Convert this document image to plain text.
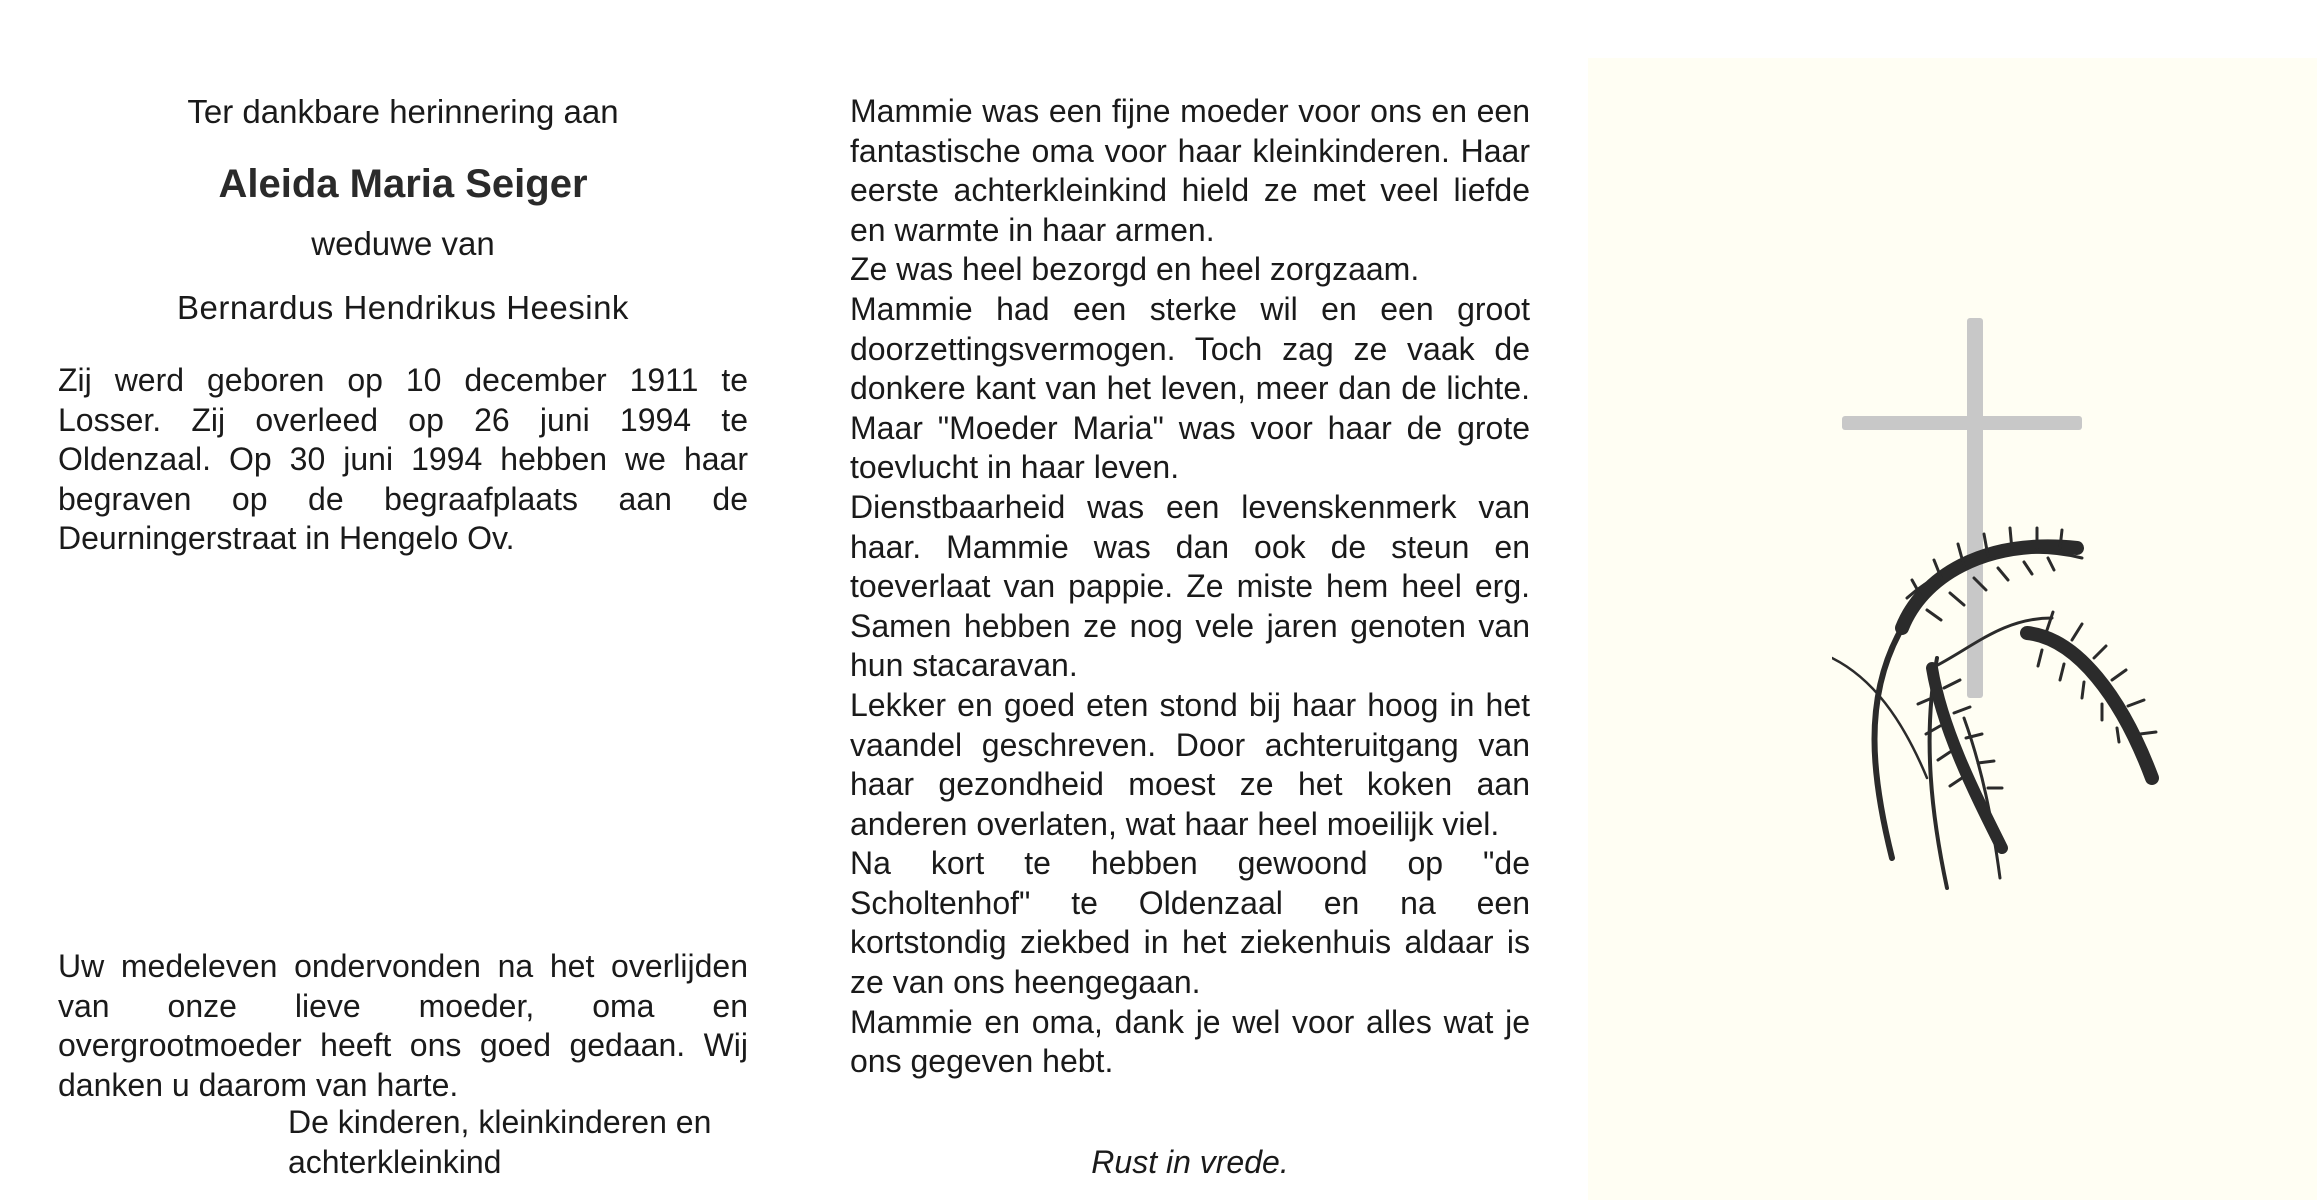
Ter dankbare herinnering aan

Aleida Maria Seiger

weduwe van

Bernardus Hendrikus Heesink

Zij werd geboren op 10 december 1911 te Losser. Zij overleed op 26 juni 1994 te Oldenzaal. Op 30 juni 1994 hebben we haar begraven op de begraafplaats aan de Deurningerstraat in Hengelo Ov.

Uw medeleven ondervonden na het overlijden van onze lieve moeder, oma en overgrootmoeder heeft ons goed gedaan. Wij danken u daarom van harte.

De kinderen, kleinkinderen en
achterkleinkind

Mammie was een fijne moeder voor ons en een fantastische oma voor haar kleinkinderen. Haar eerste achterkleinkind hield ze met veel liefde en warmte in haar armen.

Ze was heel bezorgd en heel zorgzaam.

Mammie had een sterke wil en een groot doorzettingsvermogen. Toch zag ze vaak de donkere kant van het leven, meer dan de lichte. Maar "Moeder Maria" was voor haar de grote toevlucht in haar leven.

Dienstbaarheid was een levenskenmerk van haar. Mammie was dan ook de steun en toeverlaat van pappie. Ze miste hem heel erg. Samen hebben ze nog vele jaren genoten van hun stacaravan.

Lekker en goed eten stond bij haar hoog in het vaandel geschreven. Door achteruitgang van haar gezondheid moest ze het koken aan anderen overlaten, wat haar heel moeilijk viel.

Na kort te hebben gewoond op "de Scholtenhof" te Oldenzaal en na een kortstondig ziekbed in het ziekenhuis aldaar is ze van ons heengegaan.

Mammie en oma, dank je wel voor alles wat je ons gegeven hebt.

Rust in vrede.
